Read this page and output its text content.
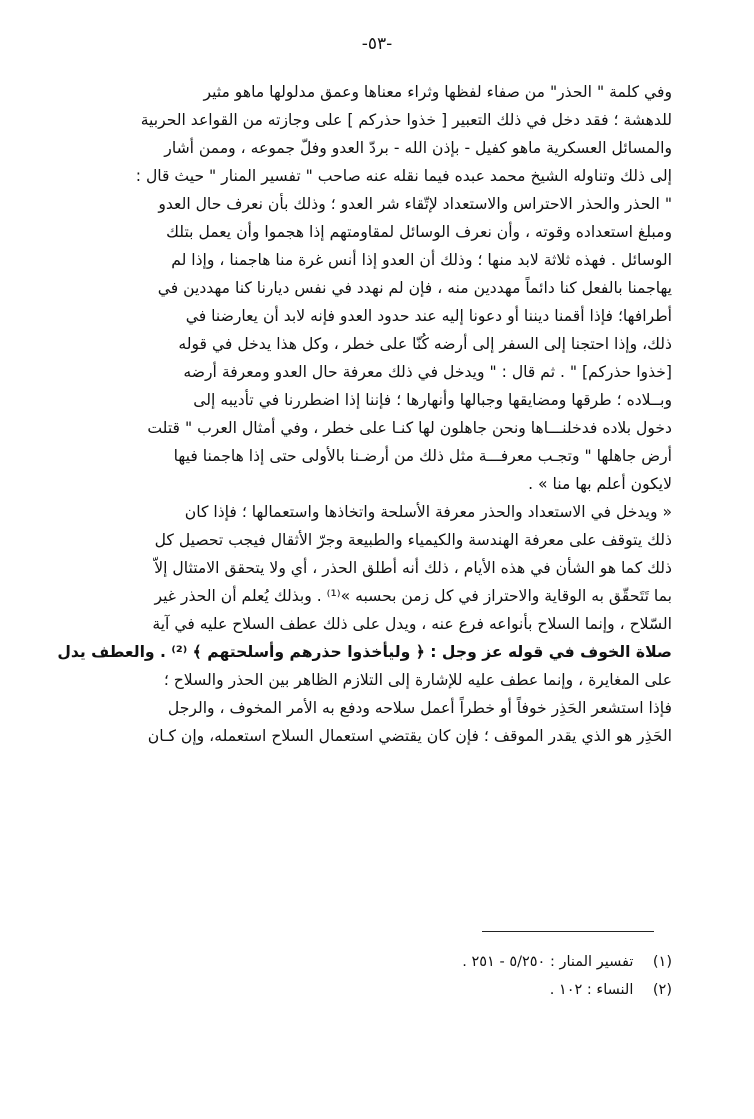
-٥٣-
وفي كلمة " الحذر" من صفاء لفظها وثراء معناها وعمق مدلولها ماهو مثير
للدهشة ؛ فقد دخل في ذلك التعبير [ خذوا حذركم ] على وجازته من القواعد الحربية
والمسائل العسكرية ماهو كفيل - بإذن الله - بردّ العدو وفلّ جموعه ، وممن أشار
إلى ذلك وتناوله الشيخ محمد عبده فيما نقله عنه صاحب " تفسير المنار " حيث قال :
" الحذر والحذر الاحتراس والاستعداد لإتّقاء شر العدو ؛ وذلك بأن نعرف حال العدو
ومبلغ استعداده وقوته ، وأن نعرف الوسائل لمقاومتهم إذا هجموا وأن يعمل بتلك
الوسائل . فهذه ثلاثة لابد منها ؛ وذلك أن العدو إذا أنس غرة منا هاجمنا ، وإذا لم
يهاجمنا بالفعل كنا دائماً مهددين منه ، فإن لم نهدد في نفس ديارنا كنا مهددين في
أطرافها؛ فإذا أقمنا ديننا أو دعونا إليه عند حدود العدو فإنه لابد أن يعارضنا في
ذلك، وإذا احتجنا إلى السفر إلى أرضه كُنّا على خطر ، وكل هذا يدخل في قوله
[خذوا حذركم] " . ثم قال : " ويدخل في ذلك معرفة حال العدو ومعرفة أرضه
وبــلاده ؛ طرقها ومضايقها وجبالها وأنهارها ؛ فإننا إذا اضطررنا في تأديبه إلى
دخول بلاده فدخلنـــاها ونحن جاهلون لها كنـا على خطر ، وفي أمثال العرب " قتلت
أرض جاهلها " وتجـب معرفـــة مثل ذلك من أرضـنا بالأولى حتى إذا هاجمنا فيها
لايكون أعلم بها منا » .
« ويدخل في الاستعداد والحذر معرفة الأسلحة واتخاذها واستعمالها ؛ فإذا كان
ذلك يتوقف على معرفة الهندسة والكيمياء والطبيعة وجرّ الأثقال فيجب تحصيل كل
ذلك كما هو الشأن في هذه الأيام ، ذلك أنه أطلق الحذر ، أي ولا يتحقق الامتثال إلاّ
بما تَتَحقّق به الوقاية والاحتراز في كل زمن بحسبه »⁽¹⁾ . وبذلك يُعلم أن الحذر غير
السّلاح ، وإنما السلاح بأنواعه فرع عنه ، ويدل على ذلك عطف السلاح عليه في آية
صلاة الخوف في قوله عز وجل : ﴿ وليأخذوا حذرهم وأسلحتهم ﴾ ⁽²⁾ . والعطف يدل
على المغايرة ، وإنما عطف عليه للإشارة إلى التلازم الظاهر بين الحذر والسلاح ؛
فإذا استشعر الحَذِر خوفاً أو خطراً أعمل سلاحه ودفع به الأمر المخوف ، والرجل
الحَذِر هو الذي يقدر الموقف ؛ فإن كان يقتضي استعمال السلاح استعمله، وإن كـان
(١) تفسير المنار : ٥/٢٥٠ - ٢٥١ .
(٢) النساء : ١٠٢ .
